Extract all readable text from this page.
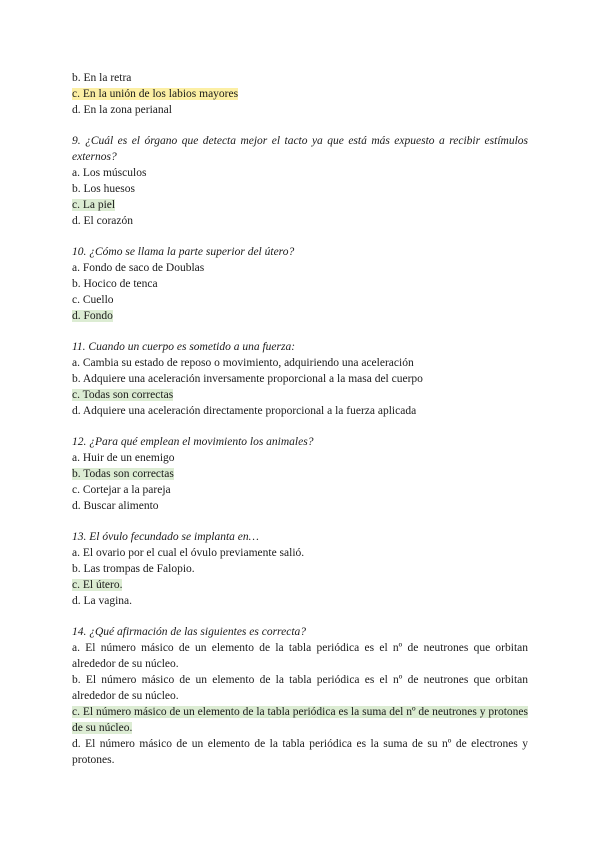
b. En la retra
c. En la unión de los labios mayores
d. En la zona perianal
9. ¿Cuál es el órgano que detecta mejor el tacto ya que está más expuesto a recibir estímulos externos?
a. Los músculos
b. Los huesos
c. La piel
d. El corazón
10. ¿Cómo se llama la parte superior del útero?
a. Fondo de saco de Doublas
b. Hocico de tenca
c. Cuello
d. Fondo
11. Cuando un cuerpo es sometido a una fuerza:
a. Cambia su estado de reposo o movimiento, adquiriendo una aceleración
b. Adquiere una aceleración inversamente proporcional a la masa del cuerpo
c. Todas son correctas
d. Adquiere una aceleración directamente proporcional a la fuerza aplicada
12. ¿Para qué emplean el movimiento los animales?
a. Huir de un enemigo
b. Todas son correctas
c. Cortejar a la pareja
d. Buscar alimento
13. El óvulo fecundado se implanta en…
a. El ovario por el cual el óvulo previamente salió.
b. Las trompas de Falopio.
c. El útero.
d. La vagina.
14. ¿Qué afirmación de las siguientes es correcta?
a. El número másico de un elemento de la tabla periódica es el nº de neutrones que orbitan alrededor de su núcleo.
b. El número másico de un elemento de la tabla periódica es el nº de neutrones que orbitan alrededor de su núcleo.
c. El número másico de un elemento de la tabla periódica es la suma del nº de neutrones y protones de su núcleo.
d. El número másico de un elemento de la tabla periódica es la suma de su nº de electrones y protones.
